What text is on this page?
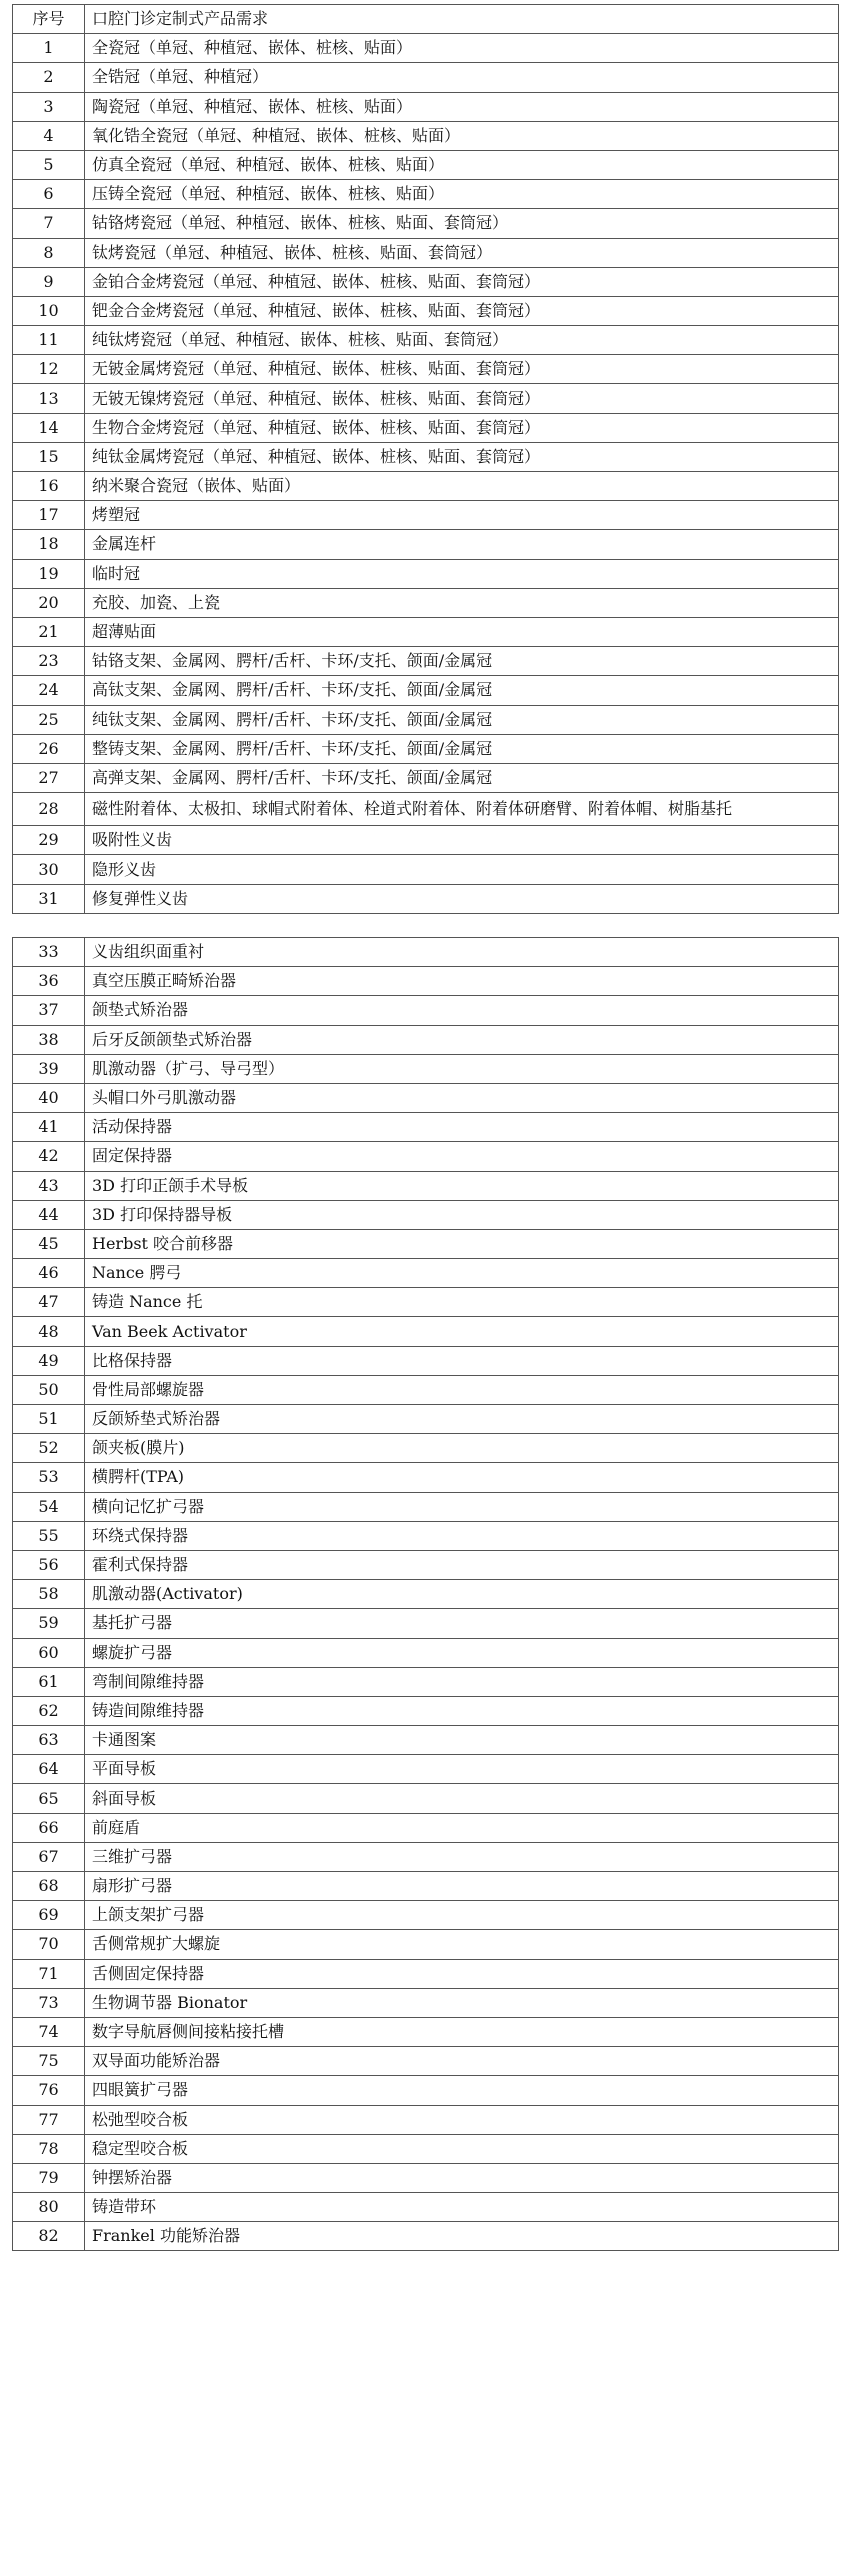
序号	口腔门诊定制式产品需求
1	全瓷冠（单冠、种植冠、嵌体、桩核、贴面）
2	全锆冠（单冠、种植冠）
3	陶瓷冠（单冠、种植冠、嵌体、桩核、贴面）
4	氧化锆全瓷冠（单冠、种植冠、嵌体、桩核、贴面）
5	仿真全瓷冠（单冠、种植冠、嵌体、桩核、贴面）
6	压铸全瓷冠（单冠、种植冠、嵌体、桩核、贴面）
7	钴铬烤瓷冠（单冠、种植冠、嵌体、桩核、贴面、套筒冠）
8	钛烤瓷冠（单冠、种植冠、嵌体、桩核、贴面、套筒冠）
9	金铂合金烤瓷冠（单冠、种植冠、嵌体、桩核、贴面、套筒冠）
10	钯金合金烤瓷冠（单冠、种植冠、嵌体、桩核、贴面、套筒冠）
11	纯钛烤瓷冠（单冠、种植冠、嵌体、桩核、贴面、套筒冠）
12	无铍金属烤瓷冠（单冠、种植冠、嵌体、桩核、贴面、套筒冠）
13	无铍无镍烤瓷冠（单冠、种植冠、嵌体、桩核、贴面、套筒冠）
14	生物合金烤瓷冠（单冠、种植冠、嵌体、桩核、贴面、套筒冠）
15	纯钛金属烤瓷冠（单冠、种植冠、嵌体、桩核、贴面、套筒冠）
16	纳米聚合瓷冠（嵌体、贴面）
17	烤塑冠
18	金属连杆
19	临时冠
20	充胶、加瓷、上瓷
21	超薄贴面
23	钴铬支架、金属网、腭杆/舌杆、卡环/支托、颌面/金属冠
24	高钛支架、金属网、腭杆/舌杆、卡环/支托、颌面/金属冠
25	纯钛支架、金属网、腭杆/舌杆、卡环/支托、颌面/金属冠
26	整铸支架、金属网、腭杆/舌杆、卡环/支托、颌面/金属冠
27	高弹支架、金属网、腭杆/舌杆、卡环/支托、颌面/金属冠
28	磁性附着体、太极扣、球帽式附着体、栓道式附着体、附着体研磨臂、附着体帽、树脂基托
29	吸附性义齿
30	隐形义齿
31	修复弹性义齿
33	义齿组织面重衬
36	真空压膜正畸矫治器
37	颌垫式矫治器
38	后牙反颌颌垫式矫治器
39	肌激动器（扩弓、导弓型）
40	头帽口外弓肌激动器
41	活动保持器
42	固定保持器
43	3D 打印正颌手术导板
44	3D 打印保持器导板
45	Herbst 咬合前移器
46	Nance 腭弓
47	铸造 Nance 托
48	Van Beek Activator
49	比格保持器
50	骨性局部螺旋器
51	反颌矫垫式矫治器
52	颌夹板(膜片)
53	横腭杆(TPA)
54	横向记忆扩弓器
55	环绕式保持器
56	霍利式保持器
58	肌激动器(Activator)
59	基托扩弓器
60	螺旋扩弓器
61	弯制间隙维持器
62	铸造间隙维持器
63	卡通图案
64	平面导板
65	斜面导板
66	前庭盾
67	三维扩弓器
68	扇形扩弓器
69	上颌支架扩弓器
70	舌侧常规扩大螺旋
71	舌侧固定保持器
73	生物调节器 Bionator
74	数字导航唇侧间接粘接托槽
75	双导面功能矫治器
76	四眼簧扩弓器
77	松弛型咬合板
78	稳定型咬合板
79	钟摆矫治器
80	铸造带环
82	Frankel 功能矫治器
